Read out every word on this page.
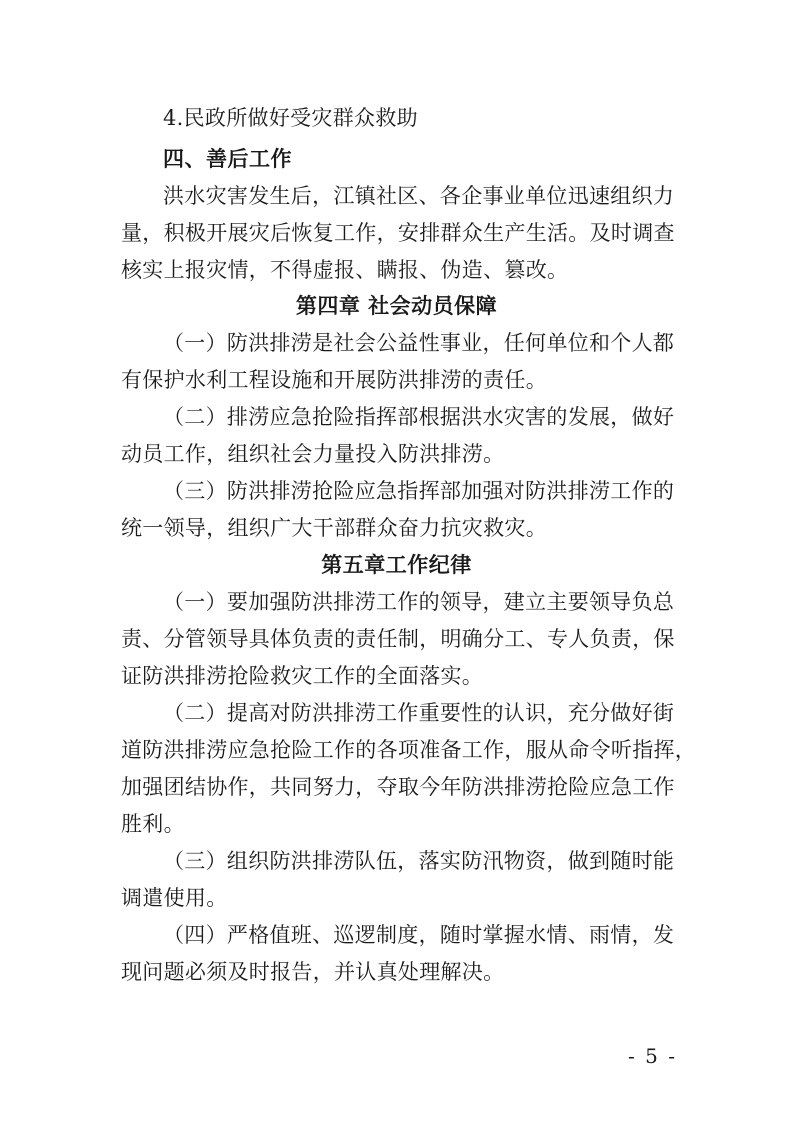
4.民政所做好受灾群众救助
四、善后工作
洪水灾害发生后，江镇社区、各企事业单位迅速组织力
量，积极开展灾后恢复工作，安排群众生产生活。及时调查
核实上报灾情，不得虚报、瞒报、伪造、篡改。
第四章 社会动员保障
（一）防洪排涝是社会公益性事业，任何单位和个人都
有保护水利工程设施和开展防洪排涝的责任。
（二）排涝应急抢险指挥部根据洪水灾害的发展，做好
动员工作，组织社会力量投入防洪排涝。
（三）防洪排涝抢险应急指挥部加强对防洪排涝工作的
统一领导，组织广大干部群众奋力抗灾救灾。
第五章工作纪律
（一）要加强防洪排涝工作的领导，建立主要领导负总
责、分管领导具体负责的责任制，明确分工、专人负责，保
证防洪排涝抢险救灾工作的全面落实。
（二）提高对防洪排涝工作重要性的认识，充分做好街
道防洪排涝应急抢险工作的各项准备工作，服从命令听指挥，
加强团结协作，共同努力，夺取今年防洪排涝抢险应急工作
胜利。
（三）组织防洪排涝队伍，落实防汛物资，做到随时能
调遣使用。
（四）严格值班、巡逻制度，随时掌握水情、雨情，发
现问题必须及时报告，并认真处理解决。
- 5 -
